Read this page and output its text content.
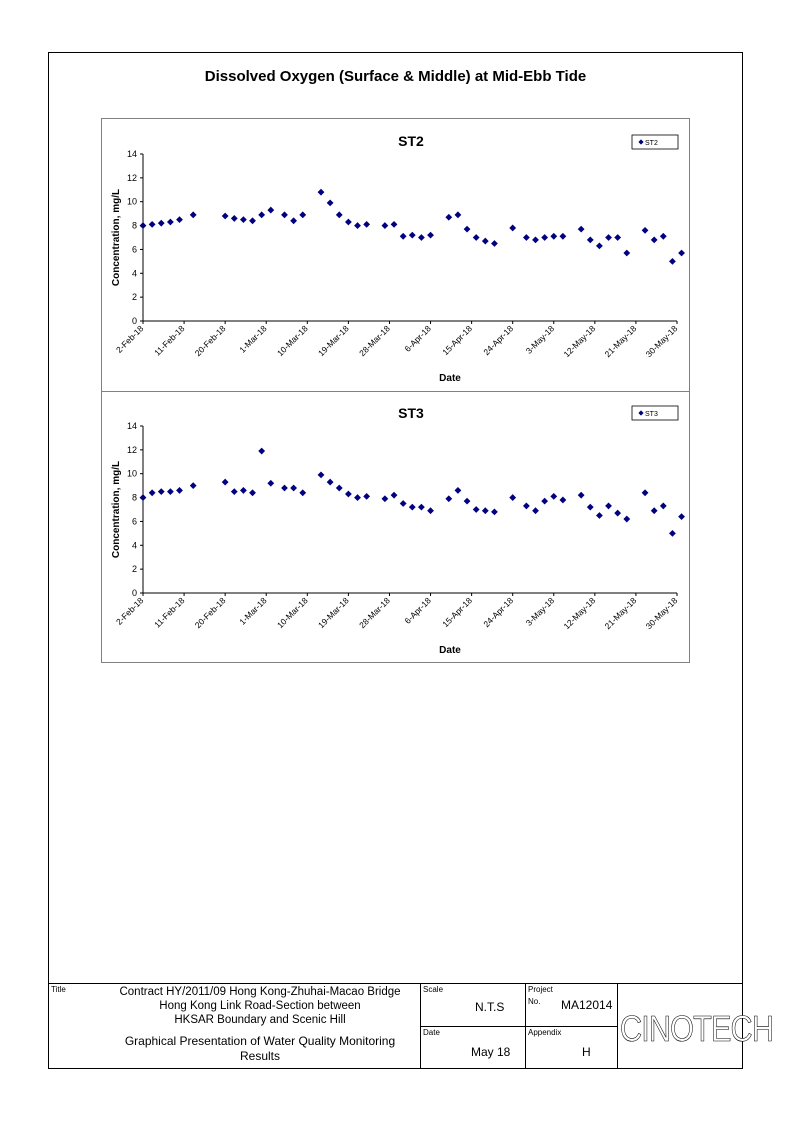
Dissolved Oxygen (Surface & Middle) at Mid-Ebb Tide
ST2
0
2
4
6
8
10
12
14
2-Feb-18 11-Feb-18 20-Feb-18 1-Mar-18 10-Mar-18 19-Mar-18 28-Mar-18 6-Apr-18 15-Apr-18 24-Apr-18 3-May-18 12-May-18 21-May-18 30-May-18
Date
Concentration, mg/L
ST2
ST3
0
2
4
6
8
10
12
14
2-Feb-18 11-Feb-18 20-Feb-18 1-Mar-18 10-Mar-18 19-Mar-18 28-Mar-18 6-Apr-18 15-Apr-18 24-Apr-18 3-May-18 12-May-18 21-May-18 30-May-18
Date
Concentration, mg/L
ST3
Title	Contract HY/2011/09 Hong Kong-Zhuhai-Macao Bridge
Hong Kong Link Road-Section between
HKSAR Boundary and Scenic Hill
Graphical Presentation of Water Quality Monitoring
Results
Scale
N.T.S
Date
May 18
Project
No. MA12014
Appendix
H
CINOTECH
